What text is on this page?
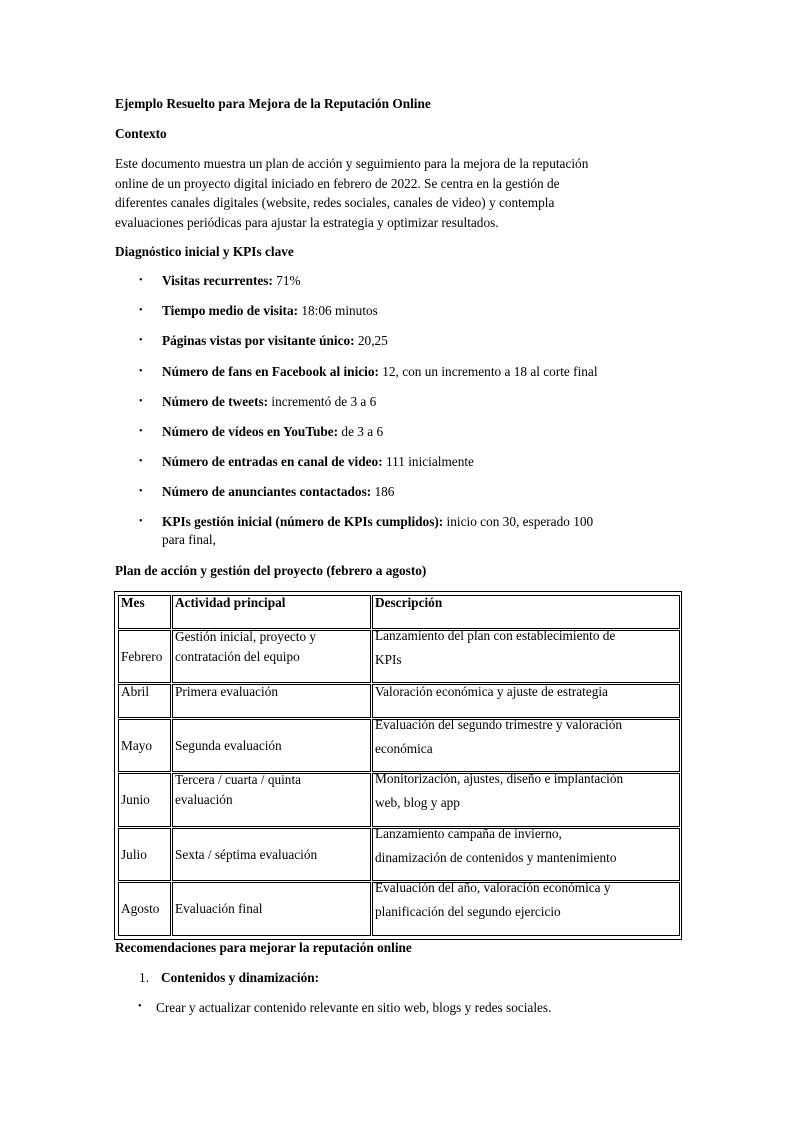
Ejemplo Resuelto para Mejora de la Reputación Online
Contexto
Este documento muestra un plan de acción y seguimiento para la mejora de la reputación
online de un proyecto digital iniciado en febrero de 2022. Se centra en la gestión de
diferentes canales digitales (website, redes sociales, canales de video) y contempla
evaluaciones periódicas para ajustar la estrategia y optimizar resultados.
Diagnóstico inicial y KPIs clave
• Visitas recurrentes: 71%
• Tiempo medio de visita: 18:06 minutos
• Páginas vistas por visitante único: 20,25
• Número de fans en Facebook al inicio: 12, con un incremento a 18 al corte final
• Número de tweets: incrementó de 3 a 6
• Número de vídeos en YouTube: de 3 a 6
• Número de entradas en canal de video: 111 inicialmente
• Número de anunciantes contactados: 186
• KPIs gestión inicial (número de KPIs cumplidos): inicio con 30, esperado 100
para final,
Plan de acción y gestión del proyecto (febrero a agosto)
Mes Actividad principal	Descripción
Febrero
Gestión inicial, proyecto y
contratación del equipo
Lanzamiento del plan con establecimiento de
KPIs
Abril Primera evaluación	Valoración económica y ajuste de estrategia
Mayo Segunda evaluación
Evaluación del segundo trimestre y valoración
económica
Junio
Tercera / cuarta / quinta
evaluación
Monitorización, ajustes, diseño e implantación
web, blog y app
Julio Sexta / séptima evaluación
Lanzamiento campaña de invierno,
dinamización de contenidos y mantenimiento
Agosto Evaluación final
Evaluación del año, valoración económica y
planificación del segundo ejercicio
Recomendaciones para mejorar la reputación online
1. Contenidos y dinamización:
• Crear y actualizar contenido relevante en sitio web, blogs y redes sociales.
